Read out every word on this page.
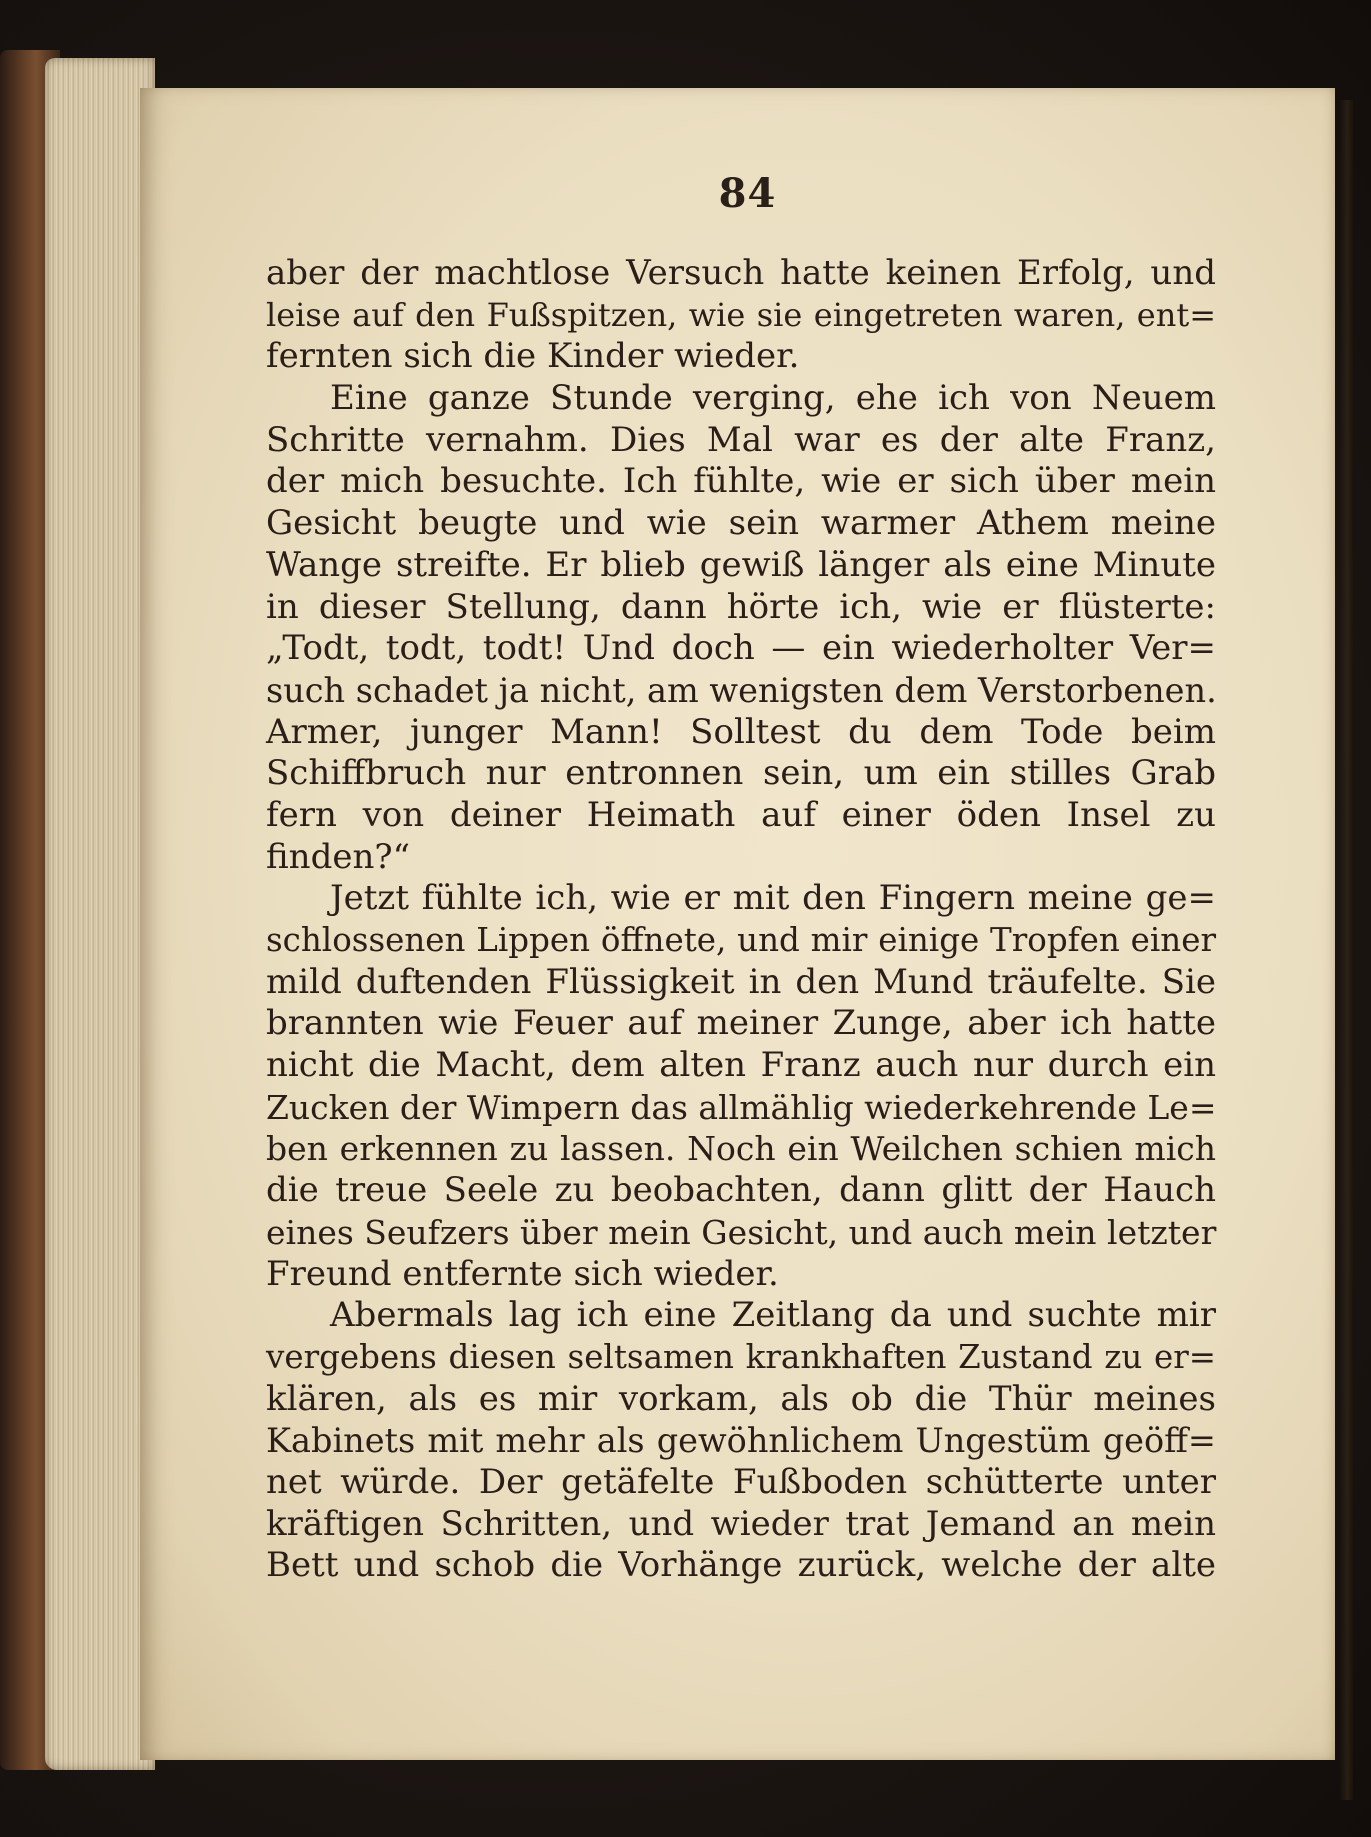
84
aber der machtlose Versuch hatte keinen Erfolg, und
leise auf den Fußspitzen, wie sie eingetreten waren, ent=
fernten sich die Kinder wieder.
Eine ganze Stunde verging, ehe ich von Neuem
Schritte vernahm. Dies Mal war es der alte Franz,
der mich besuchte. Ich fühlte, wie er sich über mein
Gesicht beugte und wie sein warmer Athem meine
Wange streifte. Er blieb gewiß länger als eine Minute
in dieser Stellung, dann hörte ich, wie er flüsterte:
„Todt, todt, todt! Und doch — ein wiederholter Ver=
such schadet ja nicht, am wenigsten dem Verstorbenen.
Armer, junger Mann! Solltest du dem Tode beim
Schiffbruch nur entronnen sein, um ein stilles Grab
fern von deiner Heimath auf einer öden Insel zu
finden?“
Jetzt fühlte ich, wie er mit den Fingern meine ge=
schlossenen Lippen öffnete, und mir einige Tropfen einer
mild duftenden Flüssigkeit in den Mund träufelte. Sie
brannten wie Feuer auf meiner Zunge, aber ich hatte
nicht die Macht, dem alten Franz auch nur durch ein
Zucken der Wimpern das allmählig wiederkehrende Le=
ben erkennen zu lassen. Noch ein Weilchen schien mich
die treue Seele zu beobachten, dann glitt der Hauch
eines Seufzers über mein Gesicht, und auch mein letzter
Freund entfernte sich wieder.
Abermals lag ich eine Zeitlang da und suchte mir
vergebens diesen seltsamen krankhaften Zustand zu er=
klären, als es mir vorkam, als ob die Thür meines
Kabinets mit mehr als gewöhnlichem Ungestüm geöff=
net würde. Der getäfelte Fußboden schütterte unter
kräftigen Schritten, und wieder trat Jemand an mein
Bett und schob die Vorhänge zurück, welche der alte
